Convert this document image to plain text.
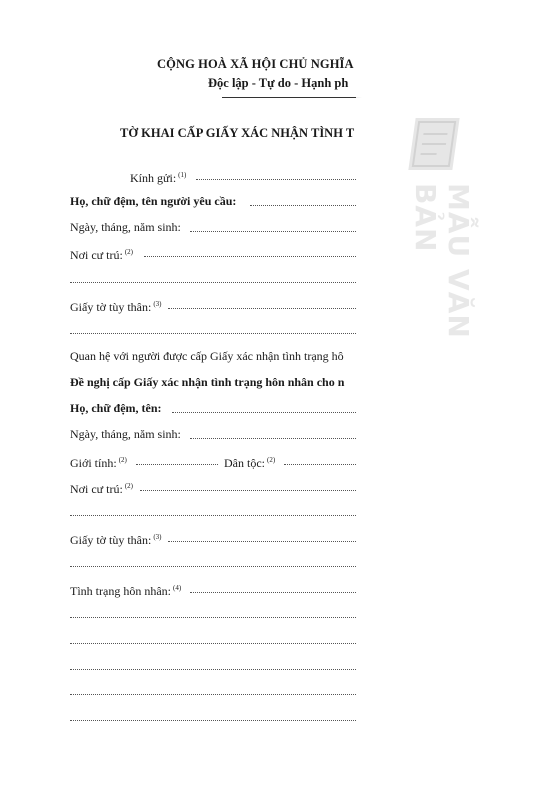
CỘNG HOÀ XÃ HỘI CHỦ NGHĨA
Độc lập - Tự do - Hạnh ph
TỜ KHAI CẤP GIẤY XÁC NHẬN TÌNH T
Kính gửi: $^{(1)}$
Họ, chữ đệm, tên người yêu cầu:
Ngày, tháng, năm sinh:
Nơi cư trú: $^{(2)}$
Giấy tờ tùy thân: $^{(3)}$
Quan hệ với người được cấp Giấy xác nhận tình trạng hô
Đề nghị cấp Giấy xác nhận tình trạng hôn nhân cho n
Họ, chữ đệm, tên:
Ngày, tháng, năm sinh:
Giới tính: $^{(2)}$	Dân tộc: $^{(2)}$
Nơi cư trú: $^{(2)}$
Giấy tờ tùy thân: $^{(3)}$
Tình trạng hôn nhân: $^{(4)}$
MẪU VĂN BẢN
